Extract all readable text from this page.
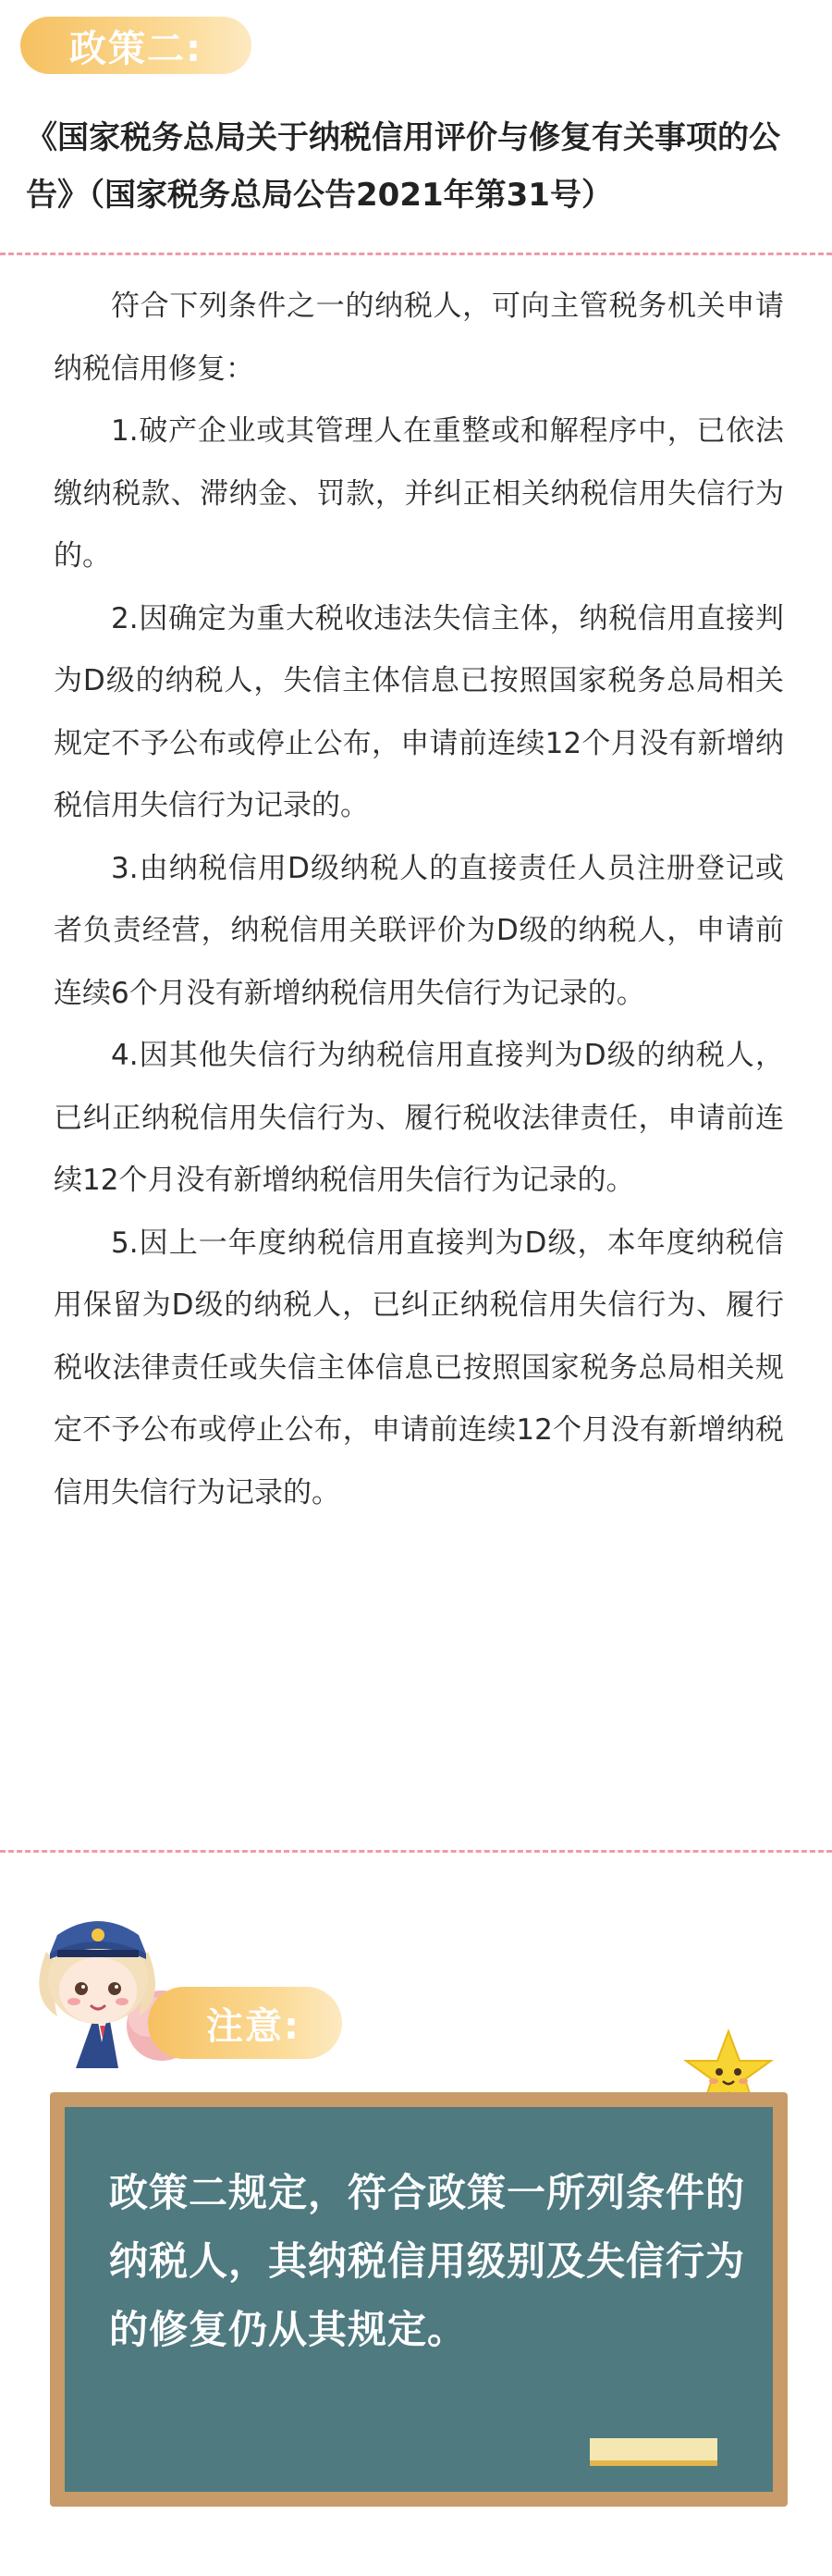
政策二:
《国家税务总局关于纳税信用评价与修复有关事项的公告》（国家税务总局公告2021年第31号）

符合下列条件之一的纳税人，可向主管税务机关申请纳税信用修复：

1.破产企业或其管理人在重整或和解程序中，已依法缴纳税款、滞纳金、罚款，并纠正相关纳税信用失信行为的。

2.因确定为重大税收违法失信主体，纳税信用直接判为D级的纳税人，失信主体信息已按照国家税务总局相关规定不予公布或停止公布，申请前连续12个月没有新增纳税信用失信行为记录的。

3.由纳税信用D级纳税人的直接责任人员注册登记或者负责经营，纳税信用关联评价为D级的纳税人，申请前连续6个月没有新增纳税信用失信行为记录的。

4.因其他失信行为纳税信用直接判为D级的纳税人，已纠正纳税信用失信行为、履行税收法律责任，申请前连续12个月没有新增纳税信用失信行为记录的。

5.因上一年度纳税信用直接判为D级，本年度纳税信用保留为D级的纳税人，已纠正纳税信用失信行为、履行税收法律责任或失信主体信息已按照国家税务总局相关规定不予公布或停止公布，申请前连续12个月没有新增纳税信用失信行为记录的。

注意:
政策二规定，符合政策一所列条件的纳税人，其纳税信用级别及失信行为的修复仍从其规定。
